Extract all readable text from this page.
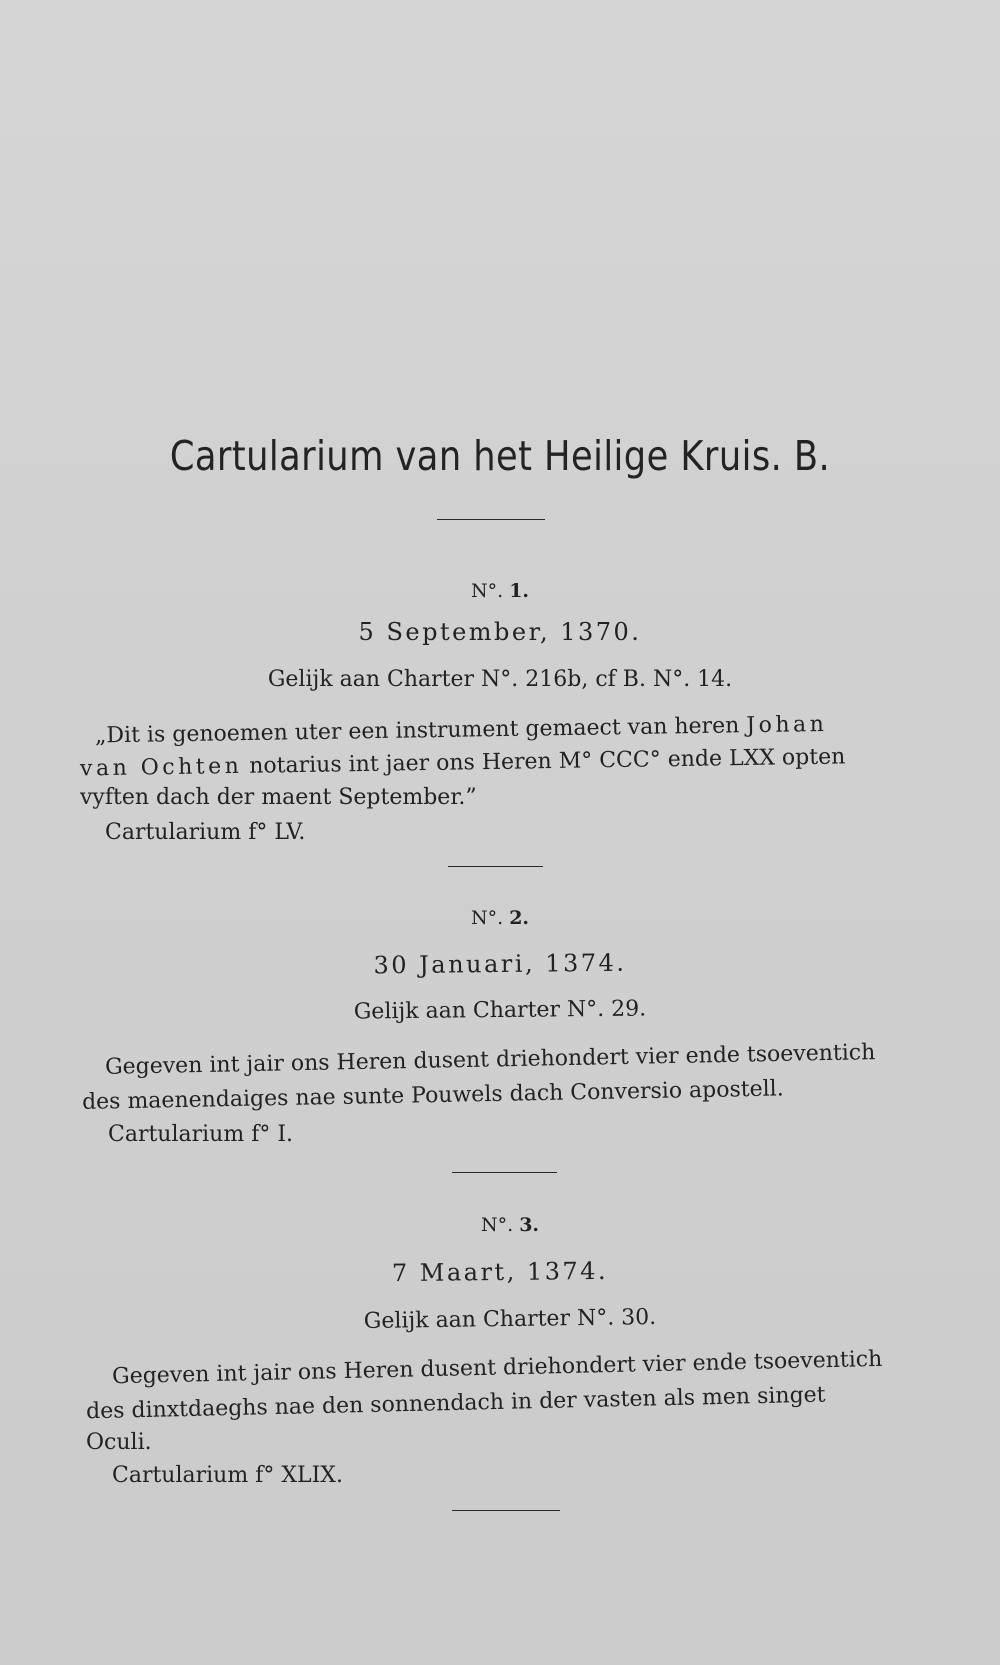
Cartularium van het Heilige Kruis. B.
N°. 1.
5 September, 1370.
Gelijk aan Charter N°. 216b, cf B. N°. 14.
„Dit is genoemen uter een instrument gemaect van heren Johan
van Ochten notarius int jaer ons Heren M° CCC° ende LXX opten
vyften dach der maent September.”
Cartularium f° LV.
N°. 2.
30 Januari, 1374.
Gelijk aan Charter N°. 29.
Gegeven int jair ons Heren dusent driehondert vier ende tsoeventich
des maenendaiges nae sunte Pouwels dach Conversio apostell.
Cartularium f° I.
N°. 3.
7 Maart, 1374.
Gelijk aan Charter N°. 30.
Gegeven int jair ons Heren dusent driehondert vier ende tsoeventich
des dinxtdaeghs nae den sonnendach in der vasten als men singet
Oculi.
Cartularium f° XLIX.
